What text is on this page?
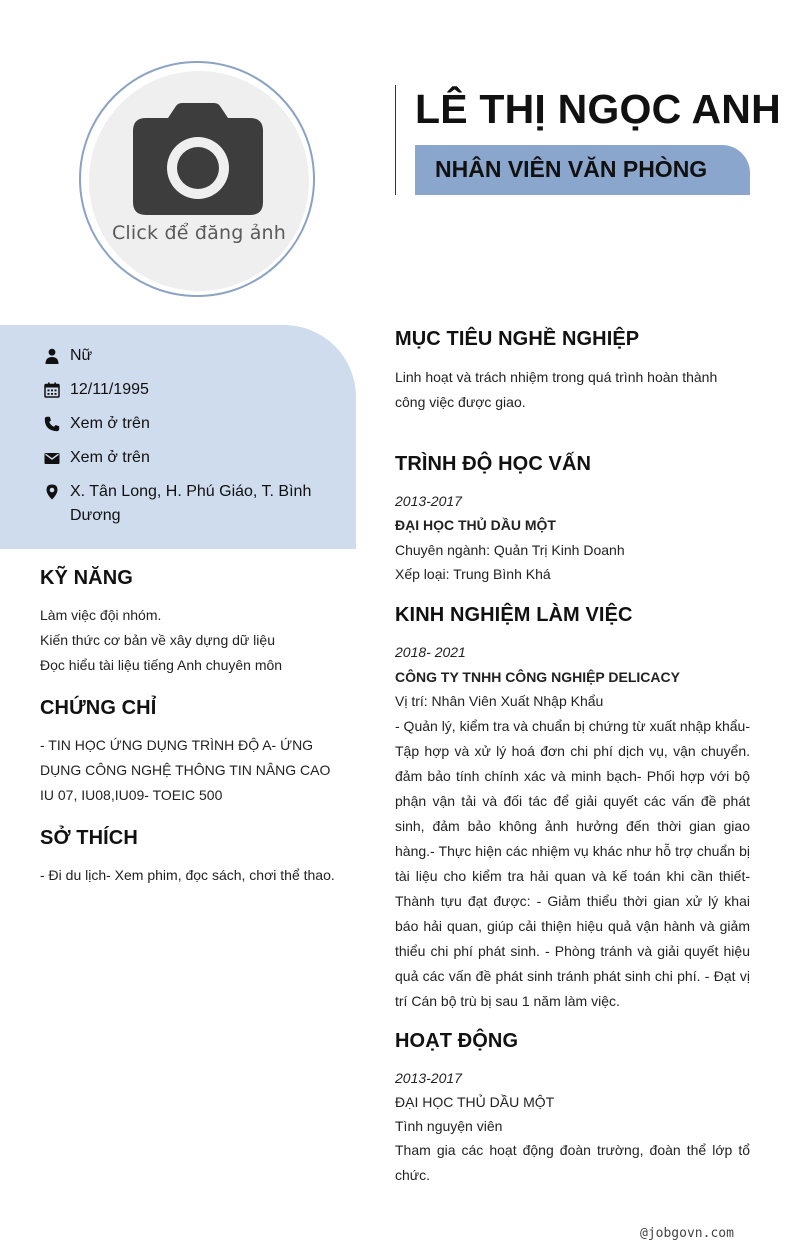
Click để đăng ảnh
LÊ THỊ NGỌC ANH
NHÂN VIÊN VĂN PHÒNG
Nữ
12/11/1995
Xem ở trên
Xem ở trên
X. Tân Long, H. Phú Giáo, T. Bình Dương
KỸ NĂNG
Làm việc đội nhóm.
Kiến thức cơ bản về xây dựng dữ liệu
Đọc hiểu tài liệu tiếng Anh chuyên môn
CHỨNG CHỈ
- TIN HỌC ỨNG DỤNG TRÌNH ĐỘ A- ỨNG DỤNG CÔNG NGHỆ THÔNG TIN NÂNG CAO IU 07, IU08,IU09- TOEIC 500
SỞ THÍCH
- Đi du lịch- Xem phim, đọc sách, chơi thể thao.
MỤC TIÊU NGHỀ NGHIỆP
Linh hoạt và trách nhiệm trong quá trình hoàn thành công việc được giao.
TRÌNH ĐỘ HỌC VẤN
2013-2017
ĐẠI HỌC THỦ DẦU MỘT
Chuyên ngành: Quản Trị Kinh Doanh
Xếp loại: Trung Bình Khá
KINH NGHIỆM LÀM VIỆC
2018- 2021
CÔNG TY TNHH CÔNG NGHIỆP DELICACY
Vị trí: Nhân Viên Xuất Nhập Khẩu
- Quản lý, kiểm tra và chuẩn bị chứng từ xuất nhập khẩu- Tập hợp và xử lý hoá đơn chi phí dịch vụ, vận chuyển. đảm bảo tính chính xác và minh bạch- Phối hợp với bộ phận vận tải và đối tác để giải quyết các vấn đề phát sinh, đảm bảo không ảnh hưởng đến thời gian giao hàng.- Thực hiện các nhiệm vụ khác như hỗ trợ chuẩn bị tài liệu cho kiểm tra hải quan và kế toán khi cần thiết- Thành tựu đạt được: - Giảm thiểu thời gian xử lý khai báo hải quan, giúp cải thiện hiệu quả vận hành và giảm thiểu chi phí phát sinh. - Phòng tránh và giải quyết hiệu quả các vấn đề phát sinh tránh phát sinh chi phí. - Đạt vị trí Cán bộ trù bị sau 1 năm làm việc.
HOẠT ĐỘNG
2013-2017
ĐẠI HỌC THỦ DẦU MỘT
Tình nguyện viên
Tham gia các hoạt động đoàn trường, đoàn thể lớp tổ chức.
@jobgovn.com
